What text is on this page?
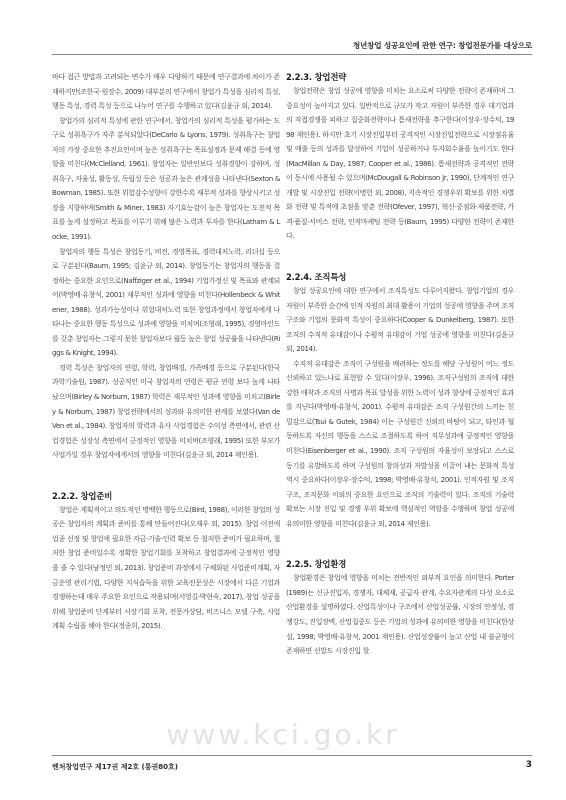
청년창업 성공요인에 관한 연구: 창업전문가를 대상으로

바다 접근 방법과 고려되는 변수가 매우 다양하기 때문에 연구결과에 차이가 존재하지만(조한국·원장수, 2009) 대부분의 연구에서 창업가 특성을 심리적 특성, 행동 특성, 경력 특성 등으로 나누어 연구를 수행하고 있다(김윤규 외, 2014).

창업가의 심리적 특성에 관한 연구에서, 창업가의 심리적 특성을 평가하는 도구로 성취욕구가 자주 분석되었다(DeCarlo & Lyons, 1979). 성취욕구는 창업자의 가장 중요한 추진요인이며 높은 성취욕구는 목표설정과 문제 해결 등에 영향을 미친다(McClelland, 1961). 창업자는 일반인보다 성취경향이 강하며, 성취욕구, 자율성, 활동성, 독립성 등은 성공과 높은 관계성을 나타낸다(Sexton & Bowman, 1985). 또한 위험감수성향이 강한수록 재무적 성과를 향상시키고 성장을 지향하며(Smith & Miner, 1983) 자기효능감이 높은 창업자는 도전적 목표를 높게 설정하고 목표를 이루기 위해 많은 노력과 투자를 한다(Latham & Locke, 1991).

창업자의 행동 특성은 창업동기, 비전, 경영목표, 경력대처노력, 리더십 등으로 구분된다(Baum, 1995; 김윤규 외, 2014). 창업동기는 창업자의 행동을 결정하는 중요한 요인으로(Naffziger et al., 1994) 기업가정신 및 목표와 관계되어(박영배·유창석, 2001) 재무적인 성과에 영향을 미친다(Hollenbeck & Whitener, 1988). 성과가능성이나 위험대처노력 또한 창업과정에서 창업자에게 나타나는 중요한 행동 특성으로 성과에 영향을 미치며(조형래, 1995), 경영마인드를 갖춘 창업자는 그렇지 못한 창업자보다 월등 높은 창업 성공률을 나타낸다(Riggs & Knight, 1994).

경력 특성은 창업자의 연령, 학력, 창업배경, 가족배경 등으로 구분된다(한국과학기술원, 1987). 성공적인 미국 창업자의 연령은 평균 연령 보다 높게 나타났으며(Birley & Norburn, 1987) 학력은 재무적인 성과에 영향을 미치고(Birley & Norburn, 1987) 창업전략에서의 성과와 유의미한 관계를 보였다(Van de Ven et al., 1984). 창업자의 학력과 유사 사업경험은 수익성 측면에서, 관련 산업경험은 성장성 측면에서 긍정적인 영향을 미치며(조형래, 1995) 또한 부모가 사업가일 경우 창업자에게서의 영향을 미친다(김윤규 외, 2014 재인용).

2.2.2. 창업준비

창업은 계획적이고 의도적인 명백한 행동으로(Bird, 1988), 이러한 창업의 성공은 창업자의 계획과 준비를 통해 만들어진다(오재우 외, 2015). 창업 이전에 업종 선정 및 창업에 필요한 자금·기술·인력 확보 등 철저한 준비가 필요하며, 철저한 창업 준비일수록 정확한 창업기회를 포착하고 창업결과에 긍정적인 영향을 줄 수 있다(남정민 외, 2013). 창업준비 과정에서 구체화된 사업준비계획, 자금운영 관리기법, 다양한 지식습득을 위한 교육전문성은 시장에서 다른 기업과 경쟁하는데 매우 주요한 요인으로 작용되며(서영길·박현숙, 2017), 창업 성공을 위해 창업준비 단계부터 시장기회 포착, 전문가상담, 비즈니스 모델 구축, 사업계획 수립을 해야 한다(정종희, 2015).

2.2.3. 창업전략

창업전략은 창업 성공에 영향을 미치는 요소로써 다양한 전략이 존재하며 그 중요성이 높아지고 있다. 일반적으로 규모가 작고 자원이 부족한 경우 대기업과의 직접경쟁을 피하고 집중화전략이나 틈새전략을 추구한다(이장우·장수덕, 1998 재인용). 하지만 초기 시장진입부터 공격적인 시장진입전략으로 시장점유율 및 매출 등의 성과를 달성하여 기업이 성공하거나 투자회수율을 높이기도 한다(MacMillan & Day, 1987; Cooper et al., 1986). 틈새전략과 공격적인 전략이 동시에 사용될 수 있으며(McDougall & Robinson Jr, 1990), 단계적인 연구개발 및 시장진입 전략(이병헌 외, 2008), 지속적인 경쟁우위 확보를 위한 차별화 전략 및 특적에 초점을 맞춘 전략(Ofever, 1997), 혁신·중점화·제품전략, 가격·품질·서비스 전략, 인적마케팅 전략 등(Baum, 1995) 다양한 전략이 존재한다.

2.2.4. 조직특성

창업 성공요인에 대한 연구에서 조직특성도 다루어지왔다. 창업기업의 경우 자원이 부족한 순간에 인적 자원의 최대 활용이 기업의 성공에 영향을 주며 조직구조와 기업의 문화적 특성이 중요하다(Cooper & Dunkelberg, 1987). 또한 조직의 수직적 유대감이나 수평적 유대감이 기업 성공에 영향을 미친다(김윤규 외, 2014).

수직적 유대감은 조직이 구성원을 배려하는 정도를 해당 구성원이 어느 정도 신뢰하고 있느냐로 표현할 수 있다(이장우, 1996). 조직구성원의 조직에 대한 강한 애착과 조직의 사명과 목표 달성을 위한 노력이 성과 향상에 긍정적인 효과를 지닌다(박영배·유창석, 2001). 수평적 유대감은 조직 구성원간의 느끼는 친밀감으로(Tsui & Gutek, 1984) 이는 구성원간 신뢰의 바탕이 되고, 타인과 협동하도록 자신의 행동을 스스로 조절하도록 하여 직무성과에 긍정적인 영향을 미친다(Eisenberger et al., 1990). 조직 구성원의 자율성이 보장되고 스스로 동기를 유발하도록 하며 구성원의 창의성과 자발성을 이끌어 내는 문화적 특성 역시 중요하다(이장우·장수덕, 1998; 박영배·유창석, 2001). 인적자원 및 조직구조, 조직문화 이외의 중요한 요인으로 조직의 기술력이 있다. 조직의 기술력 확보는 시장 진입 및 경쟁 우위 확보에 핵심적인 역할을 수행하며 창업 성공에 유의미한 영향을 미친다(김윤규 외, 2014 재인용).

2.2.5. 창업환경

창업환경은 창업에 영향을 미치는 전반적인 외부적 요인을 의미한다. Porter(1989)는 신규진입자, 경쟁자, 대체재, 공급자 관계, 수요자관계의 다섯 요소로 산업환경을 설명하였다. 산업특성이나 구조에서 산업성공률, 시장의 안정성, 경쟁강도, 진입장벽, 산업집중도 등은 기업의 성과에 유의미한 영향을 미친다(한상설, 1998; 박영배·유창석, 2001 재인용). 산업성장률이 높고 산업 내 불균형이 존재하면 선발도 시장진입 할

www.kci.go.kr
벤처창업연구 제17권 제2호 (통권80호)	3
